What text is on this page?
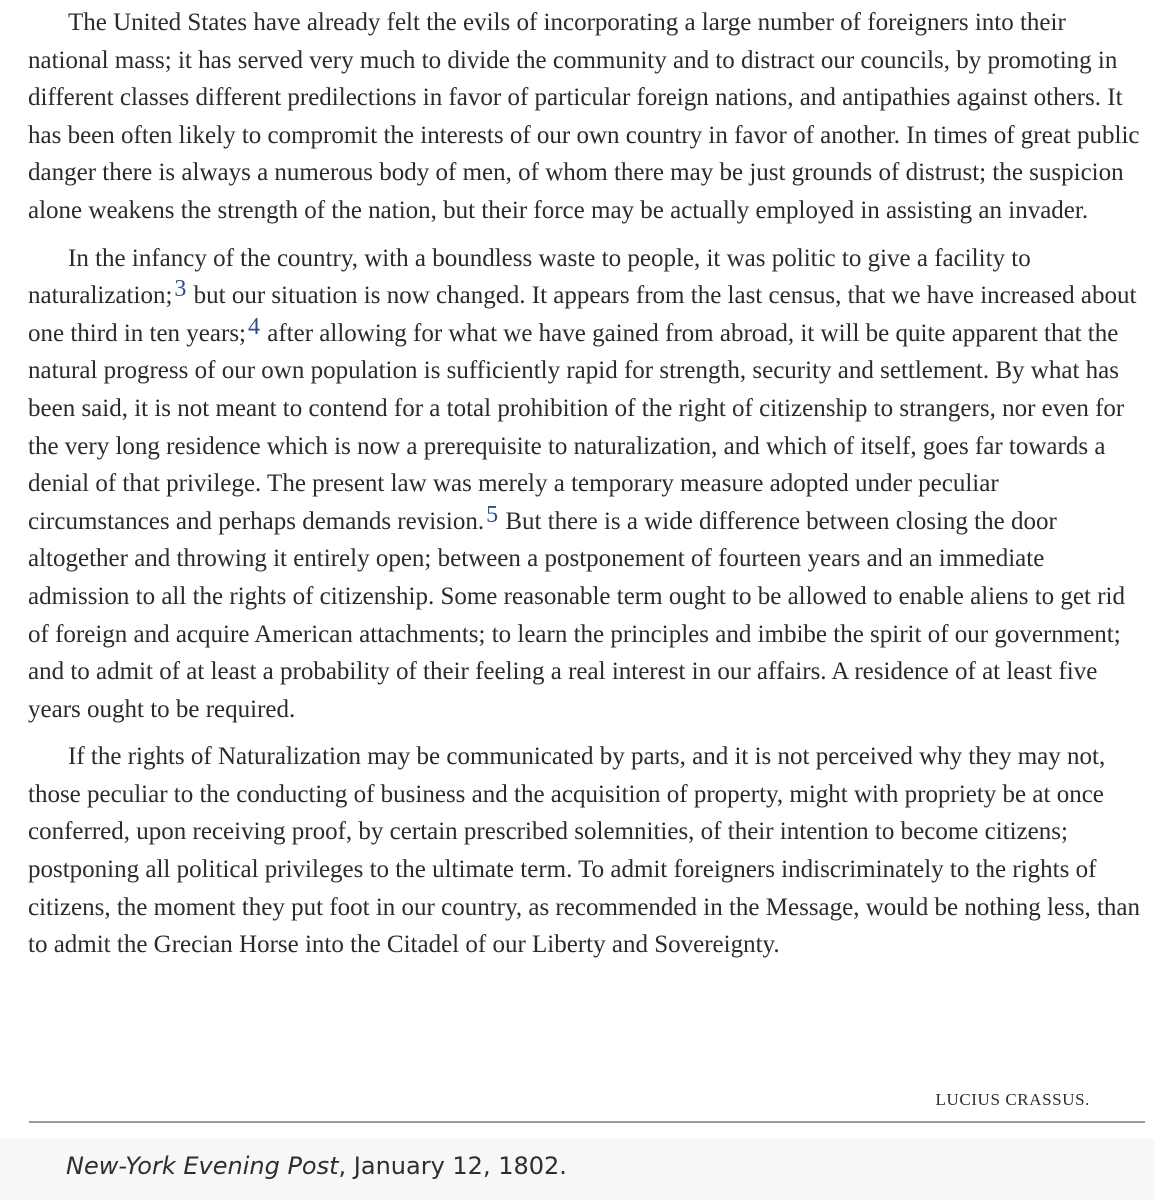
The United States have already felt the evils of incorporating a large number of foreigners into their national mass; it has served very much to divide the community and to distract our councils, by promoting in different classes different predilections in favor of particular foreign nations, and antipathies against others. It has been often likely to compromit the interests of our own country in favor of another. In times of great public danger there is always a numerous body of men, of whom there may be just grounds of distrust; the suspicion alone weakens the strength of the nation, but their force may be actually employed in assisting an invader.

In the infancy of the country, with a boundless waste to people, it was politic to give a facility to naturalization;3 but our situation is now changed. It appears from the last census, that we have increased about one third in ten years;4 after allowing for what we have gained from abroad, it will be quite apparent that the natural progress of our own population is sufficiently rapid for strength, security and settlement. By what has been said, it is not meant to contend for a total prohibition of the right of citizenship to strangers, nor even for the very long residence which is now a prerequisite to naturalization, and which of itself, goes far towards a denial of that privilege. The present law was merely a temporary measure adopted under peculiar circumstances and perhaps demands revision.5 But there is a wide difference between closing the door altogether and throwing it entirely open; between a postponement of fourteen years and an immediate admission to all the rights of citizenship. Some reasonable term ought to be allowed to enable aliens to get rid of foreign and acquire American attachments; to learn the principles and imbibe the spirit of our government; and to admit of at least a probability of their feeling a real interest in our affairs. A residence of at least five years ought to be required.

If the rights of Naturalization may be communicated by parts, and it is not perceived why they may not, those peculiar to the conducting of business and the acquisition of property, might with propriety be at once conferred, upon receiving proof, by certain prescribed solemnities, of their intention to become citizens; postponing all political privileges to the ultimate term. To admit foreigners indiscriminately to the rights of citizens, the moment they put foot in our country, as recommended in the Message, would be nothing less, than to admit the Grecian Horse into the Citadel of our Liberty and Sovereignty.

LUCIUS CRASSUS.
New-York Evening Post, January 12, 1802.
